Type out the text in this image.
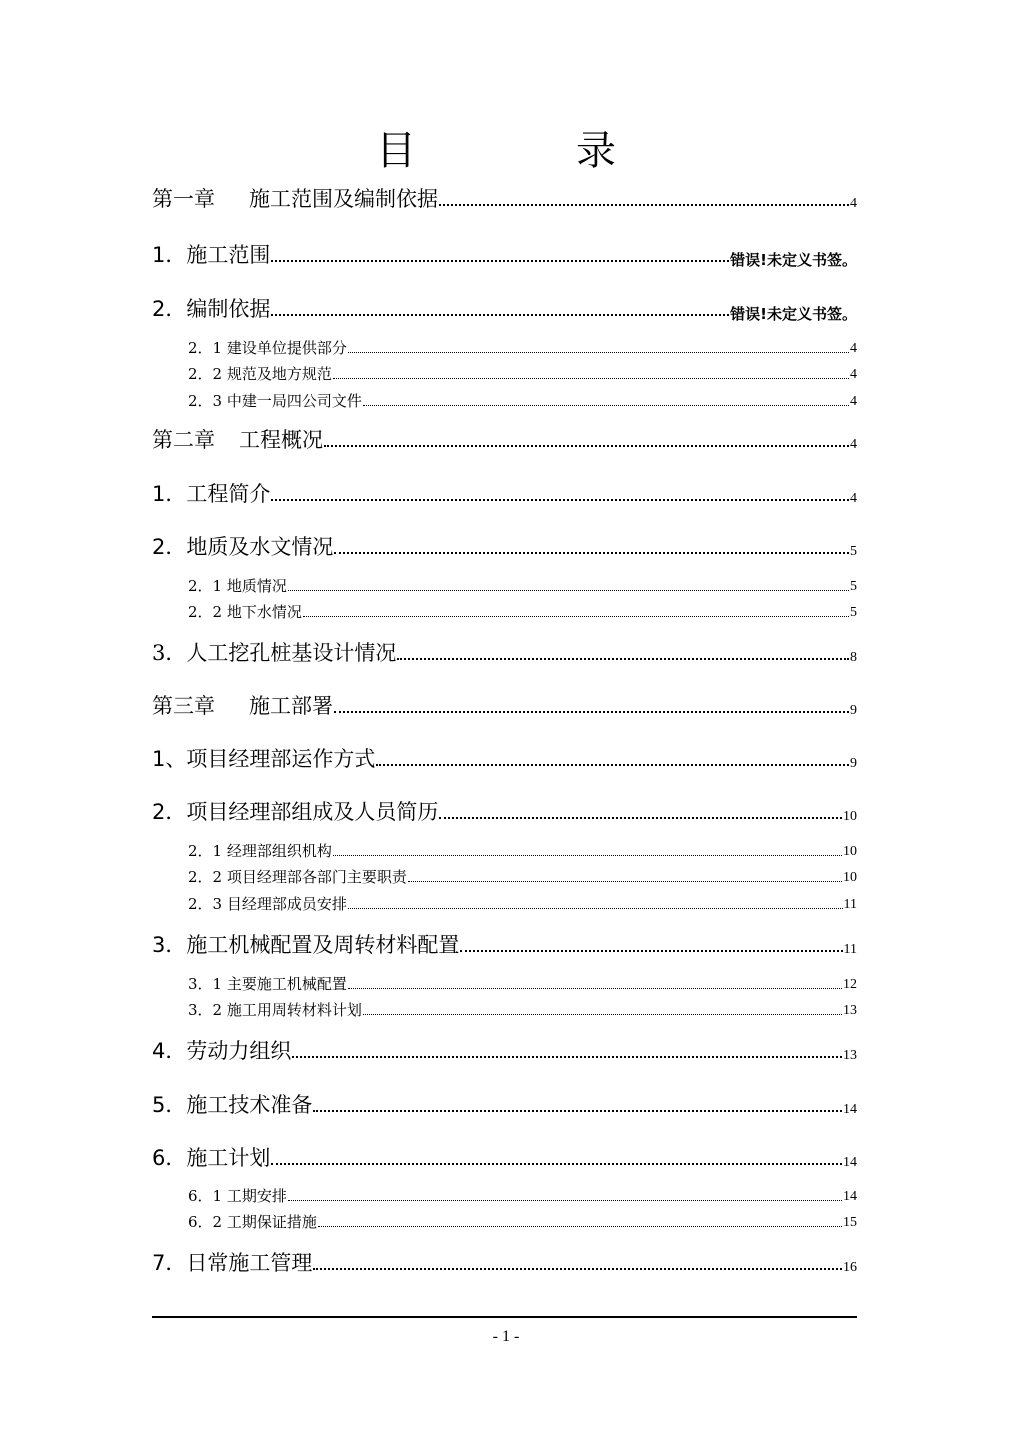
目　录
第一章 施工范围及编制依据	4
1．施工范围	错误!未定义书签。
2．编制依据	错误!未定义书签。
2．1 建设单位提供部分	4
2．2 规范及地方规范	4
2．3 中建一局四公司文件	4
第二章 工程概况	4
1．工程简介	4
2．地质及水文情况	5
2．1 地质情况	5
2．2 地下水情况	5
3．人工挖孔桩基设计情况	8
第三章 施工部署	9
1、项目经理部运作方式	9
2．项目经理部组成及人员简历	10
2．1 经理部组织机构	10
2．2 项目经理部各部门主要职责	10
2．3 目经理部成员安排	11
3．施工机械配置及周转材料配置	11
3．1 主要施工机械配置	12
3．2 施工用周转材料计划	13
4．劳动力组织	13
5．施工技术准备	14
6．施工计划	14
6．1 工期安排	14
6．2 工期保证措施	15
7．日常施工管理	16
- 1 -
